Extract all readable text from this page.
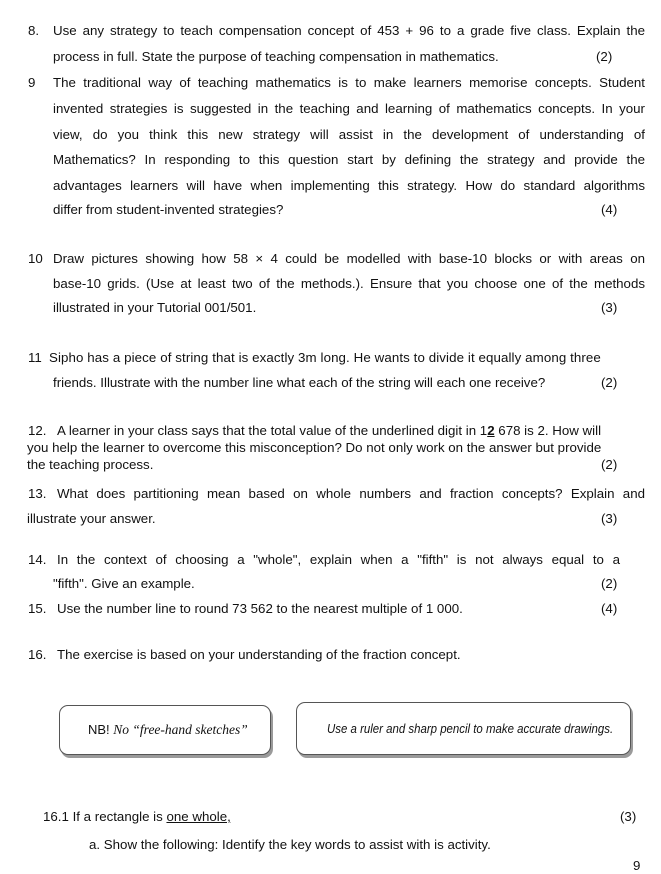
8. Use any strategy to teach compensation concept of 453 + 96 to a grade five class. Explain the
process in full. State the purpose of teaching compensation in mathematics.	(2)
9 The traditional way of teaching mathematics is to make learners memorise concepts. Student
invented strategies is suggested in the teaching and learning of mathematics concepts. In your
view, do you think this new strategy will assist in the development of understanding of
Mathematics? In responding to this question start by defining the strategy and provide the
advantages learners will have when implementing this strategy. How do standard algorithms
differ from student-invented strategies?	(4)
10 Draw pictures showing how 58 × 4 could be modelled with base-10 blocks or with areas on
base-10 grids. (Use at least two of the methods.). Ensure that you choose one of the methods
illustrated in your Tutorial 001/501.	(3)
11 Sipho has a piece of string that is exactly 3m long. He wants to divide it equally among three
friends. Illustrate with the number line what each of the string will each one receive?	(2)
12. A learner in your class says that the total value of the underlined digit in 12 678 is 2. How will
you help the learner to overcome this misconception? Do not only work on the answer but provide
the teaching process.	(2)
13. What does partitioning mean based on whole numbers and fraction concepts? Explain and
illustrate your answer.	(3)
14. In the context of choosing a "whole", explain when a "fifth" is not always equal to a
"fifth". Give an example.	(2)
15. Use the number line to round 73 562 to the nearest multiple of 1 000.	(4)
16. The exercise is based on your understanding of the fraction concept.
NB! No “free-hand sketches”	Use a ruler and sharp pencil to make accurate drawings.
16.1 If a rectangle is one whole,	(3)
a. Show the following: Identify the key words to assist with is activity.
9
